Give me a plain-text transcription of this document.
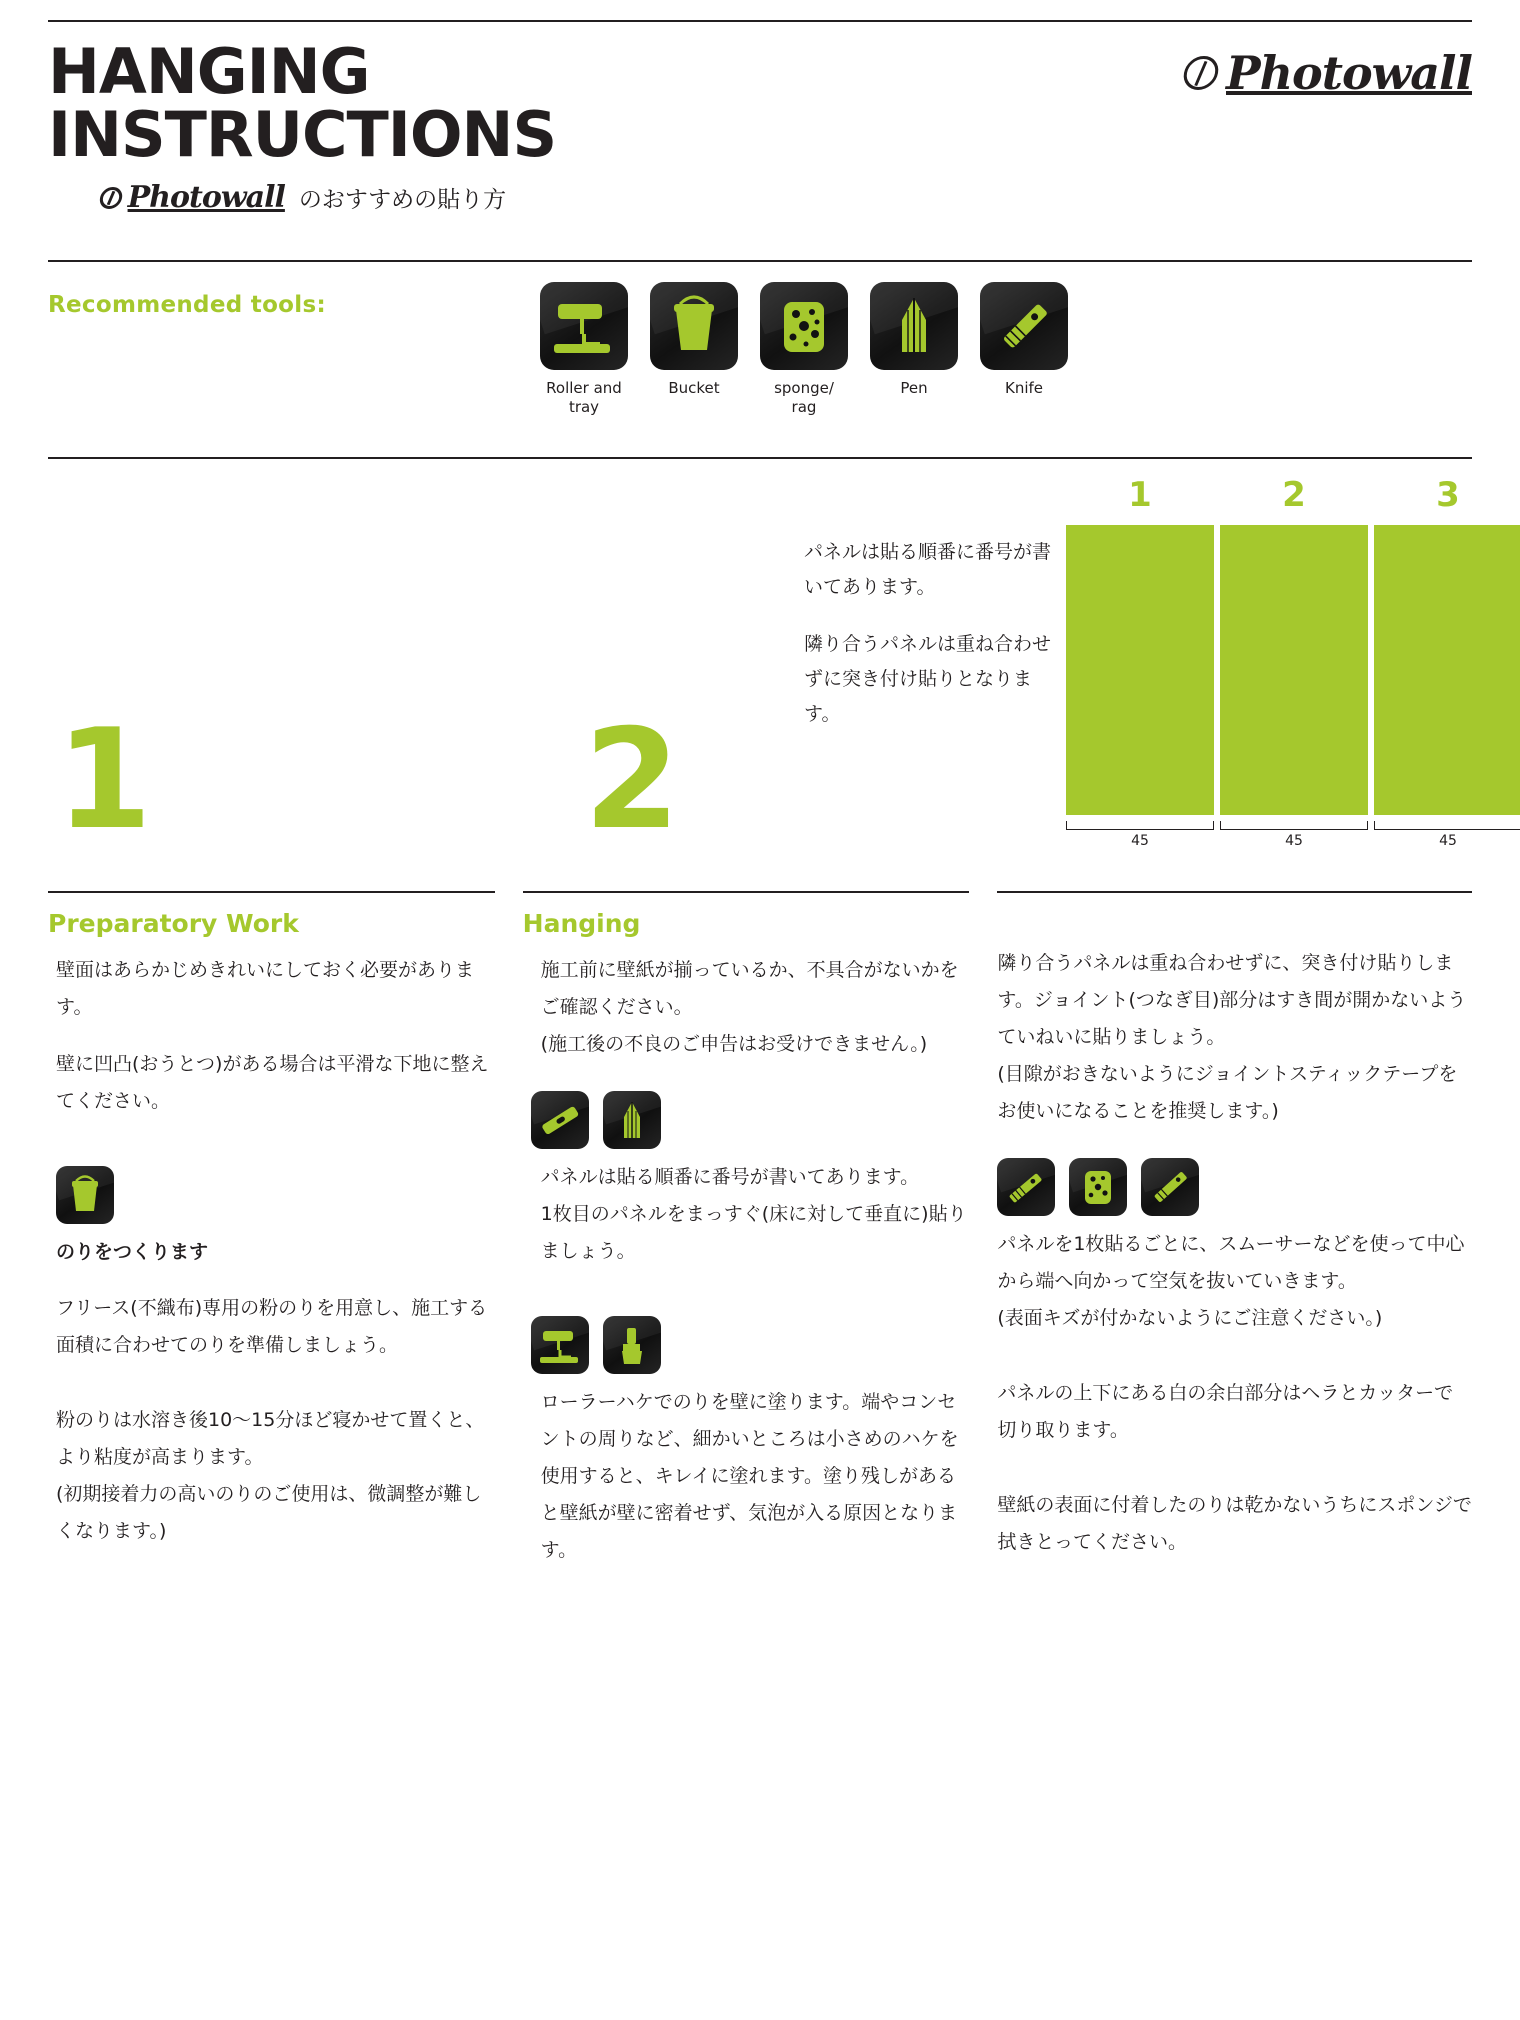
HANGING
INSTRUCTIONS
Photowall のおすすめの貼り方
Photowall
Recommended tools:
Roller and tray
Bucket	sponge/ rag
Pen	Knife
1	2

パネルは貼る順番に番号が書いてあります。

隣り合うパネルは重ね合わせずに突き付け貼りとなります。

1	2	3
45	45	45
Preparatory Work

壁面はあらかじめきれいにしておく必要があります。

壁に凹凸(おうとつ)がある場合は平滑な下地に整えてください。

のりをつくります

フリース(不織布)専用の粉のりを用意し、施工する面積に合わせてのりを準備しましょう。

粉のりは水溶き後10〜15分ほど寝かせて置くと、より粘度が高まります。

(初期接着力の高いのりのご使用は、微調整が難しくなります。)

Hanging

施工前に壁紙が揃っているか、不具合がないかをご確認ください。

(施工後の不良のご申告はお受けできません。)

パネルは貼る順番に番号が書いてあります。

1枚目のパネルをまっすぐ(床に対して垂直に)貼りましょう。

ローラーハケでのりを壁に塗ります。端やコンセントの周りなど、細かいところは小さめのハケを使用すると、キレイに塗れます。塗り残しがあると壁紙が壁に密着せず、気泡が入る原因となります。

隣り合うパネルは重ね合わせずに、突き付け貼りします。ジョイント(つなぎ目)部分はすき間が開かないようていねいに貼りましょう。

(目隙がおきないようにジョイントスティックテープをお使いになることを推奨します。)

パネルを1枚貼るごとに、スムーサーなどを使って中心から端へ向かって空気を抜いていきます。

(表面キズが付かないようにご注意ください。)

パネルの上下にある白の余白部分はヘラとカッターで切り取ります。

壁紙の表面に付着したのりは乾かないうちにスポンジで拭きとってください。
